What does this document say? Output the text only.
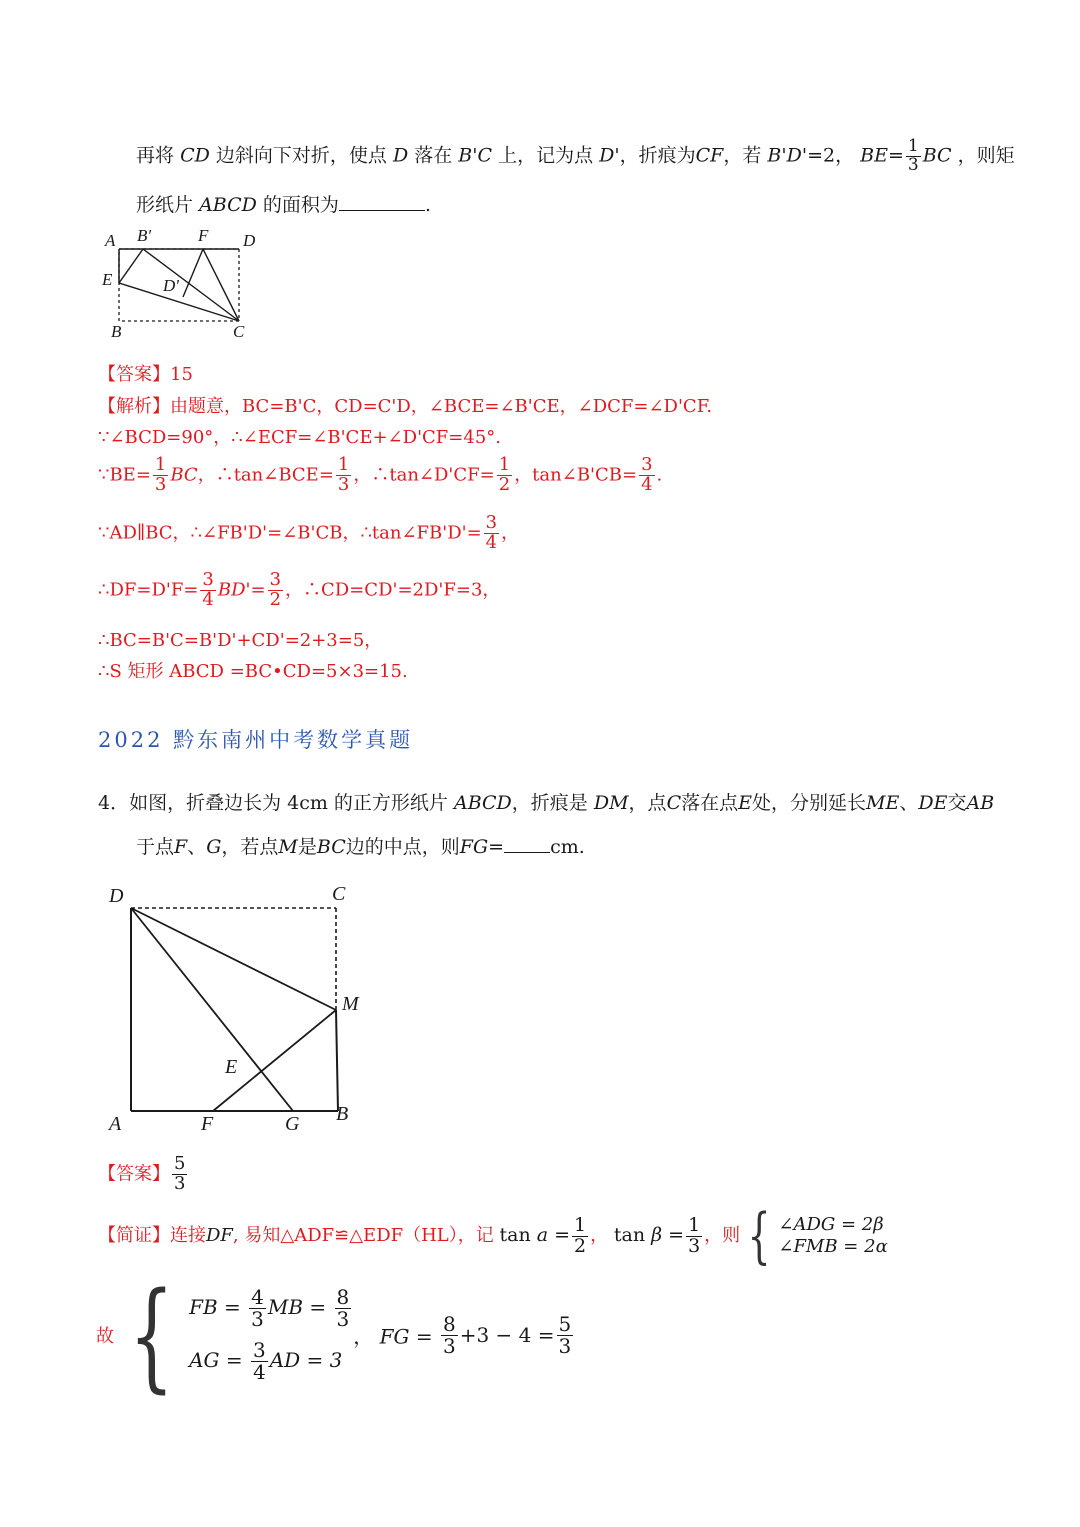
再将 CD 边斜向下对折，使点 D 落在 B'C 上，记为点 D'，折痕为CF，若 B'D'=2， $BE= \frac{1}{3}$ BC ，则矩
形纸片 ABCD 的面积为	.
A B'	F D
E	D'
B	C
【答案】15
【解析】由题意，BC=B'C，CD=C'D，∠BCE=∠B'CE，∠DCF=∠D'CF.
∵∠BCD=90°，∴∠ECF=∠B'CE+∠D'CF=45°.
∵BE= $\frac{1}{3}$ BC，∴tan∠BCE= $\frac{1}{3}$ ，∴tan∠D'CF= $\frac{1}{2}$ ，tan∠B'CB= $\frac{3}{4}$ .
∵AD∥BC，∴∠FB'D'=∠B'CB，∴tan∠FB'D'= $\frac{3}{4}$ ，
∴DF=D'F= $\frac{3}{4} BD'= \frac{3}{2}$ ，∴CD=CD'=2D'F=3，
∴BC=B'C=B'D'+CD'=2+3=5，
∴S 矩形 ABCD =BC•CD=5×3=15.
2022 黔东南州中考数学真题
4．如图，折叠边长为 4cm 的正方形纸片 ABCD，折痕是 DM，点C落在点E处，分别延长ME、DE交AB
于点F、G，若点M是BC边的中点，则FG= cm.
D	C
M
E
A	F	G B
【答案】 $\frac{5}{3}$
【简证】连接DF, 易知△ADF≌△EDF（HL），记 $\tan a = \frac{1}{2}$ ， $\tan \beta = \frac{1}{3}$ ，则 { ∠ADG = 2β
∠FMB = 2α
故 { FB = $\frac{4}{3}$ MB = $\frac{8}{3}$
AG = $\frac{3}{4}$ AD = 3
， FG = $\frac{8}{3} +3 - 4 = \frac{5}{3}$
